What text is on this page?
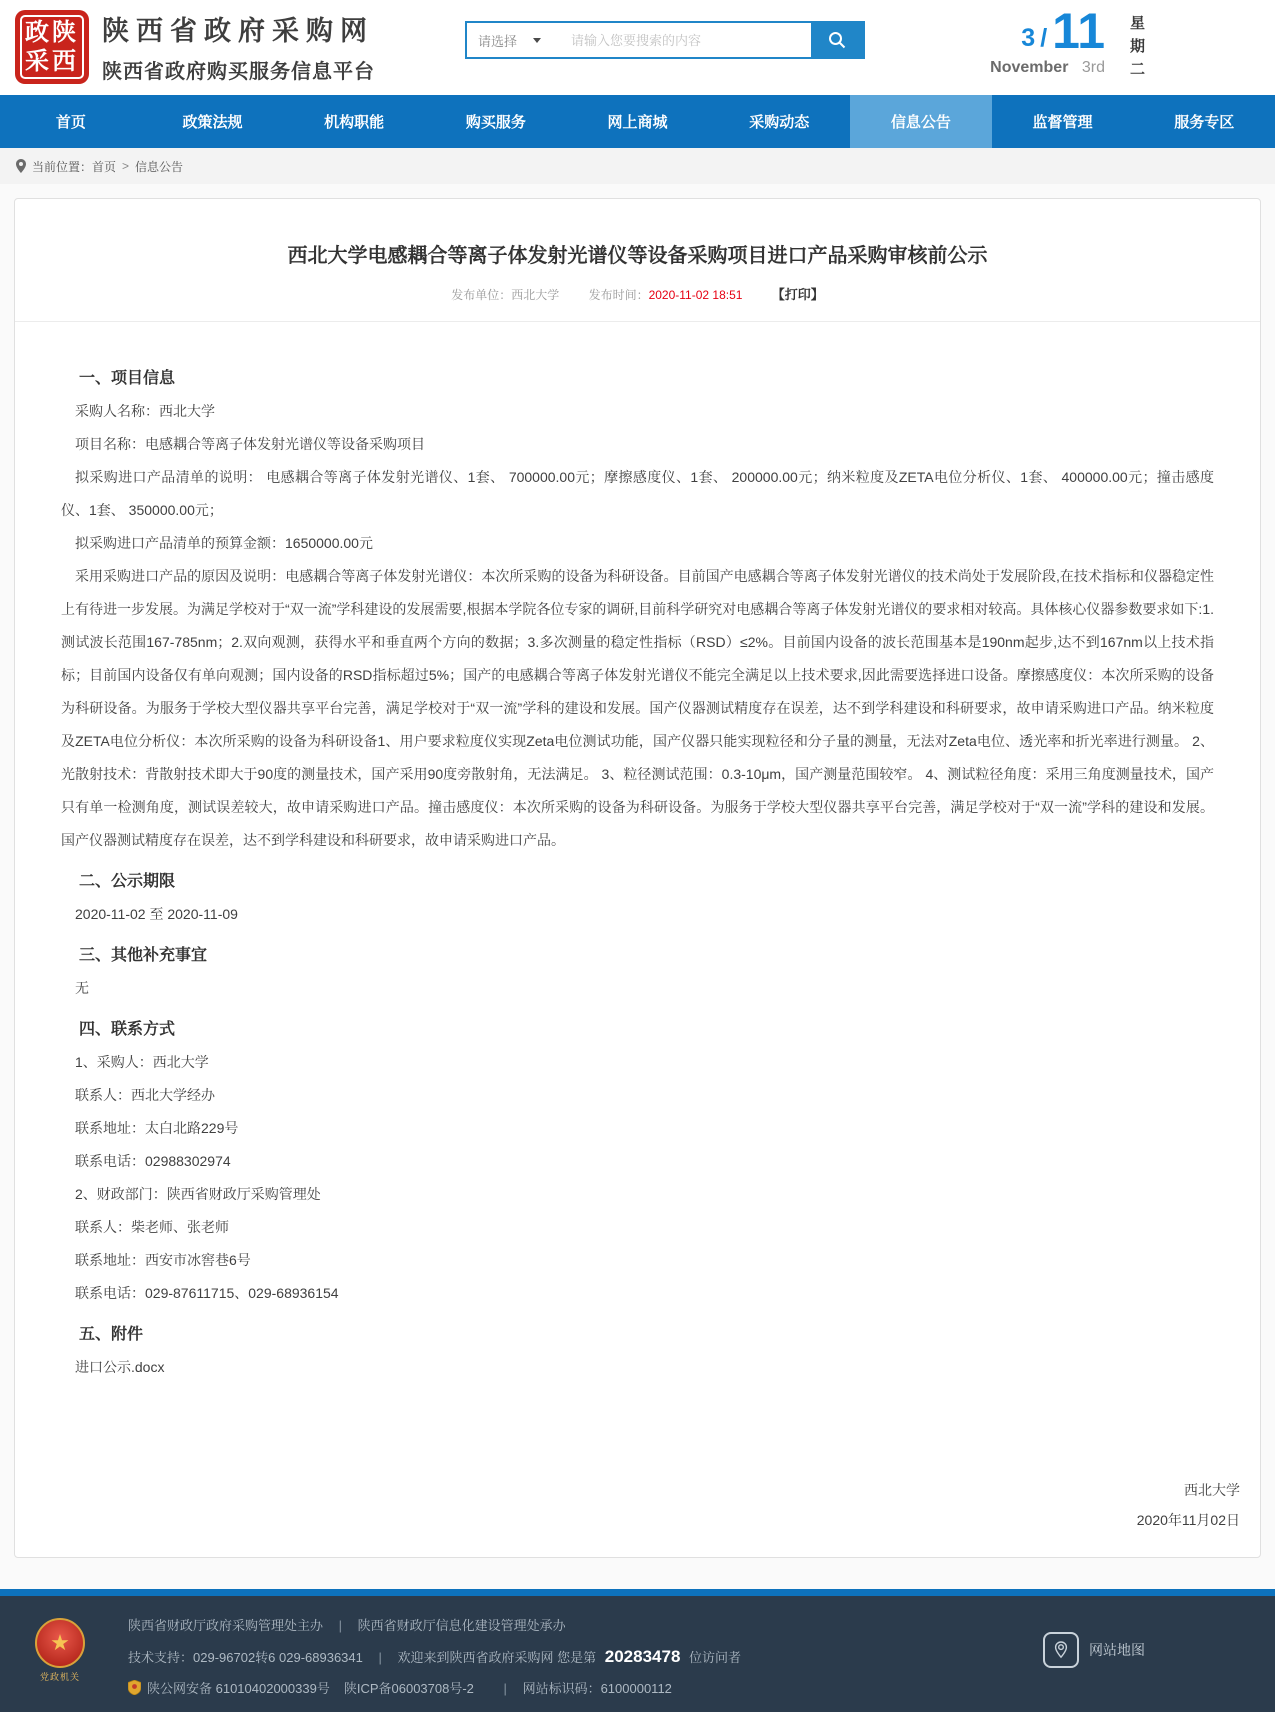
政陕
采西
陕西省政府采购网
陕西省政府购买服务信息平台
请选择
请输入您要搜索的内容	3 / 11
November 3rd
星
期
二
首页	政策法规	机构职能	购买服务	网上商城	采购动态	信息公告	监督管理	服务专区
当前位置： 首页 > 信息公告
西北大学电感耦合等离子体发射光谱仪等设备采购项目进口产品采购审核前公示
发布单位：西北大学 发布时间：2020-11-02 18:51 【打印】
一、项目信息

采购人名称：西北大学

项目名称：电感耦合等离子体发射光谱仪等设备采购项目

拟采购进口产品清单的说明： 电感耦合等离子体发射光谱仪、1套、 700000.00元；摩擦感度仪、1套、 200000.00元；纳米粒度及ZETA电位分析仪、1套、 400000.00元；撞击感度仪、1套、 350000.00元；

拟采购进口产品清单的预算金额：1650000.00元

采用采购进口产品的原因及说明：电感耦合等离子体发射光谱仪：本次所采购的设备为科研设备。目前国产电感耦合等离子体发射光谱仪的技术尚处于发展阶段,在技术指标和仪器稳定性上有待进一步发展。为满足学校对于“双一流”学科建设的发展需要,根据本学院各位专家的调研,目前科学研究对电感耦合等离子体发射光谱仪的要求相对较高。具体核心仪器参数要求如下:1.测试波长范围167-785nm；2.双向观测，获得水平和垂直两个方向的数据；3.多次测量的稳定性指标（RSD）≤2%。目前国内设备的波长范围基本是190nm起步,达不到167nm以上技术指标；目前国内设备仅有单向观测；国内设备的RSD指标超过5%；国产的电感耦合等离子体发射光谱仪不能完全满足以上技术要求,因此需要选择进口设备。摩擦感度仪：本次所采购的设备为科研设备。为服务于学校大型仪器共享平台完善，满足学校对于“双一流”学科的建设和发展。国产仪器测试精度存在误差，达不到学科建设和科研要求，故申请采购进口产品。纳米粒度及ZETA电位分析仪：本次所采购的设备为科研设备1、用户要求粒度仪实现Zeta电位测试功能，国产仪器只能实现粒径和分子量的测量，无法对Zeta电位、透光率和折光率进行测量。 2、光散射技术：背散射技术即大于90度的测量技术，国产采用90度旁散射角，无法满足。 3、粒径测试范围：0.3-10μm，国产测量范围较窄。 4、测试粒径角度：采用三角度测量技术，国产只有单一检测角度，测试误差较大，故申请采购进口产品。撞击感度仪：本次所采购的设备为科研设备。为服务于学校大型仪器共享平台完善，满足学校对于“双一流”学科的建设和发展。国产仪器测试精度存在误差，达不到学科建设和科研要求，故申请采购进口产品。

二、公示期限

2020-11-02 至 2020-11-09

三、其他补充事宜

无

四、联系方式

1、采购人：西北大学

联系人：西北大学经办

联系地址：太白北路229号

联系电话：02988302974

2、财政部门：陕西省财政厅采购管理处

联系人：柴老师、张老师

联系地址：西安市冰窖巷6号

联系电话：029-87611715、029-68936154

五、附件
进口公示.docx
西北大学
2020年11月02日
★
党政机关
陕西省财政厅政府采购管理处主办 | 陕西省财政厅信息化建设管理处承办
技术支持：029-96702转6 029-68936341 | 欢迎来到陕西省政府采购网 您是第 20283478 位访问者
陕公网安备 61010402000339号 陕ICP备06003708号-2 | 网站标识码：6100000112
网站地图
